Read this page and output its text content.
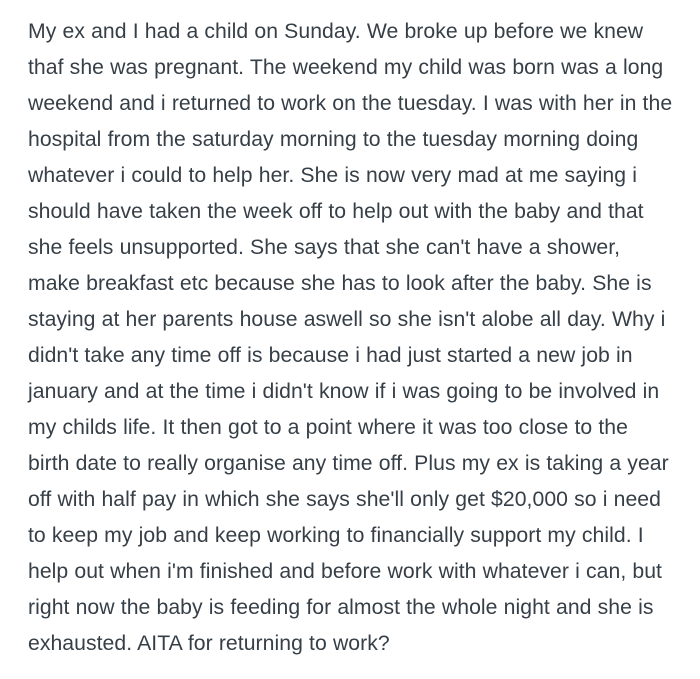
My ex and I had a child on Sunday. We broke up before we knew thaf she was pregnant. The weekend my child was born was a long weekend and i returned to work on the tuesday. I was with her in the hospital from the saturday morning to the tuesday morning doing whatever i could to help her. She is now very mad at me saying i should have taken the week off to help out with the baby and that she feels unsupported. She says that she can't have a shower, make breakfast etc because she has to look after the baby. She is staying at her parents house aswell so she isn't alobe all day. Why i didn't take any time off is because i had just started a new job in january and at the time i didn't know if i was going to be involved in my childs life. It then got to a point where it was too close to the birth date to really organise any time off. Plus my ex is taking a year off with half pay in which she says she'll only get $20,000 so i need to keep my job and keep working to financially support my child. I help out when i'm finished and before work with whatever i can, but right now the baby is feeding for almost the whole night and she is exhausted. AITA for returning to work?
